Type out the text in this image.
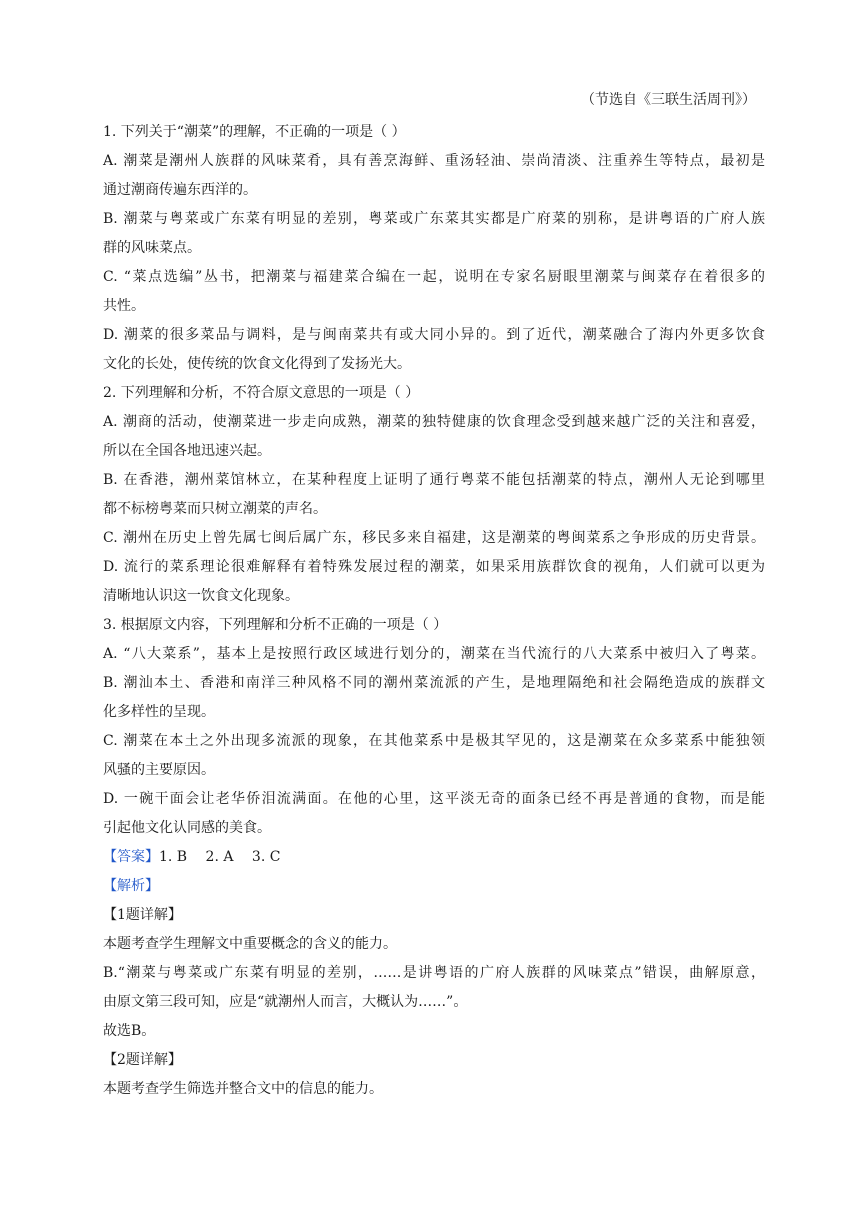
（节选自《三联生活周刊》）
1. 下列关于“潮菜”的理解，不正确的一项是（ ）
A. 潮菜是潮州人族群的风味菜肴，具有善烹海鲜、重汤轻油、崇尚清淡、注重养生等特点，最初是
通过潮商传遍东西洋的。
B. 潮菜与粤菜或广东菜有明显的差别，粤菜或广东菜其实都是广府菜的别称，是讲粤语的广府人族
群的风味菜点。
C. “菜点选编”丛书，把潮菜与福建菜合编在一起，说明在专家名厨眼里潮菜与闽菜存在着很多的
共性。
D. 潮菜的很多菜品与调料，是与闽南菜共有或大同小异的。到了近代，潮菜融合了海内外更多饮食
文化的长处，使传统的饮食文化得到了发扬光大。
2. 下列理解和分析，不符合原文意思的一项是（ ）
A. 潮商的活动，使潮菜进一步走向成熟，潮菜的独特健康的饮食理念受到越来越广泛的关注和喜爱，
所以在全国各地迅速兴起。
B. 在香港，潮州菜馆林立，在某种程度上证明了通行粤菜不能包括潮菜的特点，潮州人无论到哪里
都不标榜粤菜而只树立潮菜的声名。
C. 潮州在历史上曾先属七闽后属广东，移民多来自福建，这是潮菜的粤闽菜系之争形成的历史背景。
D. 流行的菜系理论很难解释有着特殊发展过程的潮菜，如果采用族群饮食的视角，人们就可以更为
清晰地认识这一饮食文化现象。
3. 根据原文内容，下列理解和分析不正确的一项是（ ）
A. “八大菜系”，基本上是按照行政区域进行划分的，潮菜在当代流行的八大菜系中被归入了粤菜。
B. 潮汕本土、香港和南洋三种风格不同的潮州菜流派的产生，是地理隔绝和社会隔绝造成的族群文
化多样性的呈现。
C. 潮菜在本土之外出现多流派的现象，在其他菜系中是极其罕见的，这是潮菜在众多菜系中能独领
风骚的主要原因。
D. 一碗干面会让老华侨泪流满面。在他的心里，这平淡无奇的面条已经不再是普通的食物，而是能
引起他文化认同感的美食。
【答案】1. B　 2. A　 3. C
【解析】
【1题详解】
本题考查学生理解文中重要概念的含义的能力。
B.“潮菜与粤菜或广东菜有明显的差别，……是讲粤语的广府人族群的风味菜点”错误，曲解原意，
由原文第三段可知，应是“就潮州人而言，大概认为……”。
故选B。
【2题详解】
本题考查学生筛选并整合文中的信息的能力。
